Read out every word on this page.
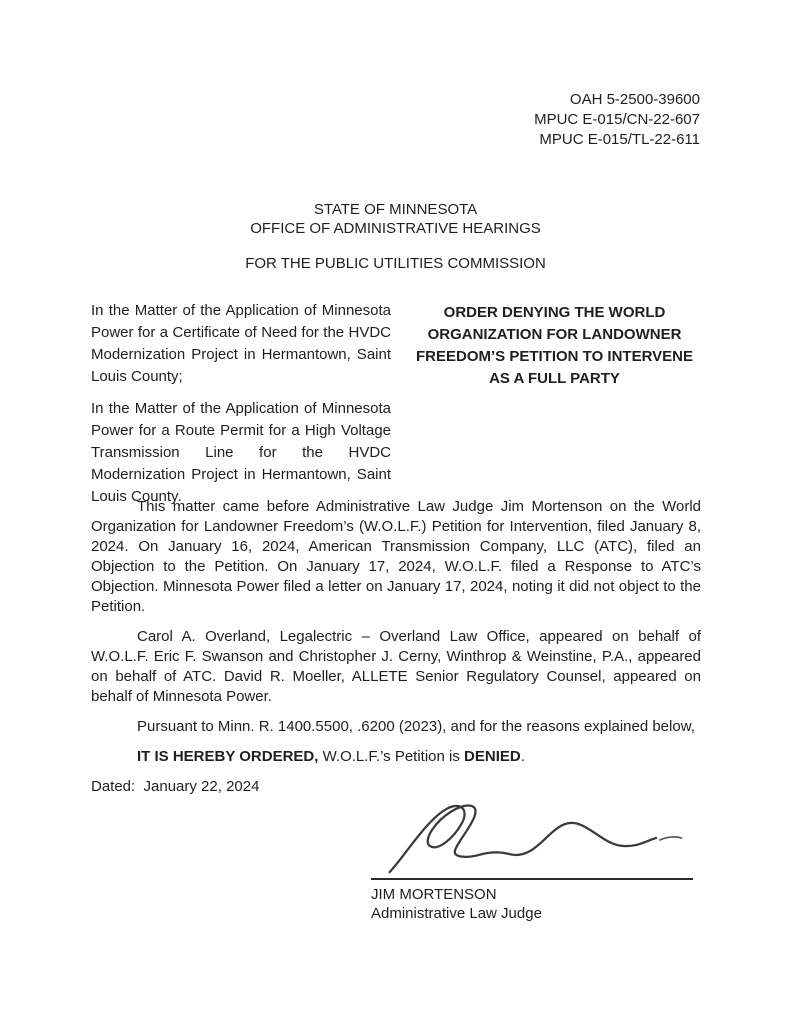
OAH 5-2500-39600
MPUC E-015/CN-22-607
MPUC E-015/TL-22-611
STATE OF MINNESOTA
OFFICE OF ADMINISTRATIVE HEARINGS
FOR THE PUBLIC UTILITIES COMMISSION

In the Matter of the Application of Minnesota Power for a Certificate of Need for the HVDC Modernization Project in Hermantown, Saint Louis County;

In the Matter of the Application of Minnesota Power for a Route Permit for a High Voltage Transmission Line for the HVDC Modernization Project in Hermantown, Saint Louis County.

ORDER DENYING THE WORLD
ORGANIZATION FOR LANDOWNER
FREEDOM’S PETITION TO INTERVENE
AS A FULL PARTY

This matter came before Administrative Law Judge Jim Mortenson on the World Organization for Landowner Freedom’s (W.O.L.F.) Petition for Intervention, filed January 8, 2024. On January 16, 2024, American Transmission Company, LLC (ATC), filed an Objection to the Petition. On January 17, 2024, W.O.L.F. filed a Response to ATC’s Objection. Minnesota Power filed a letter on January 17, 2024, noting it did not object to the Petition.

Carol A. Overland, Legalectric – Overland Law Office, appeared on behalf of W.O.L.F. Eric F. Swanson and Christopher J. Cerny, Winthrop & Weinstine, P.A., appeared on behalf of ATC. David R. Moeller, ALLETE Senior Regulatory Counsel, appeared on behalf of Minnesota Power.

Pursuant to Minn. R. 1400.5500, .6200 (2023), and for the reasons explained below,

IT IS HEREBY ORDERED, W.O.L.F.’s Petition is DENIED.

Dated:  January 22, 2024

JIM MORTENSON
Administrative Law Judge
